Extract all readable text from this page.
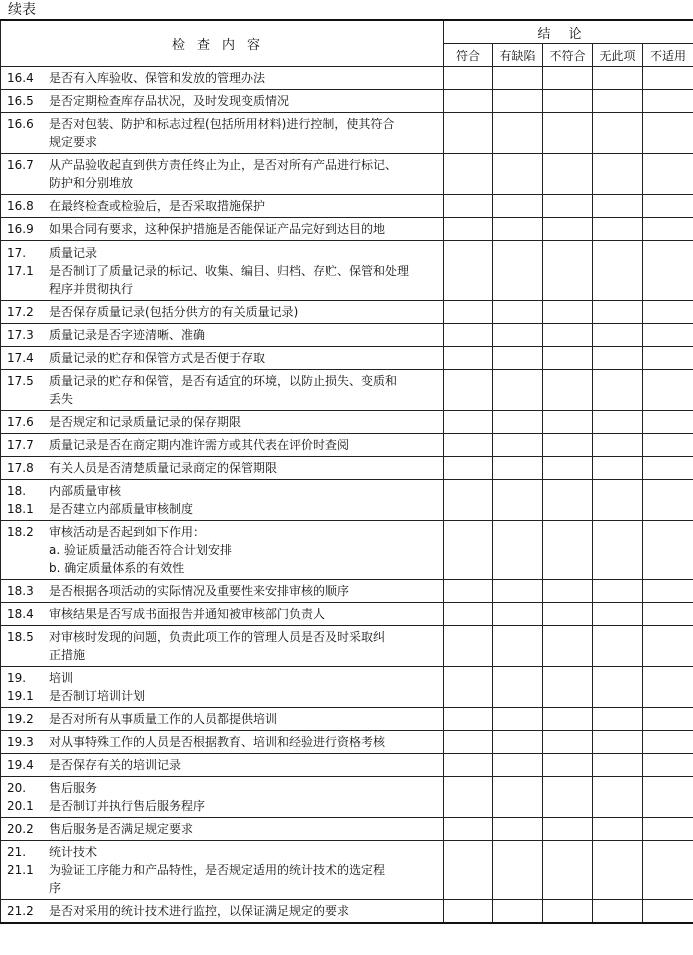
续表
检查内容	结论				
	符合	有缺陷	不符合	无此项	不适用

16.4 是否有入库验收、保管和发放的管理办法					

16.5 是否定期检查库存品状况，及时发现变质情况					

16.6 是否对包装、防护和标志过程(包括所用材料)进行控制，使其符合
规定要求					

16.7 从产品验收起直到供方责任终止为止，是否对所有产品进行标记、
防护和分别堆放					

16.8 在最终检查或检验后，是否采取措施保护					

16.9 如果合同有要求，这种保护措施是否能保证产品完好到达目的地					

17. 质量记录
17.1 是否制订了质量记录的标记、收集、编目、归档、存贮、保管和处理
程序并贯彻执行					

17.2 是否保存质量记录(包括分供方的有关质量记录)					

17.3 质量记录是否字迹清晰、准确					

17.4 质量记录的贮存和保管方式是否便于存取					

17.5 质量记录的贮存和保管，是否有适宜的环境，以防止损失、变质和
丢失					

17.6 是否规定和记录质量记录的保存期限					

17.7 质量记录是否在商定期内准许需方或其代表在评价时查阅					

17.8 有关人员是否清楚质量记录商定的保管期限					

18. 内部质量审核
18.1 是否建立内部质量审核制度					

18.2 审核活动是否起到如下作用：
a. 验证质量活动能否符合计划安排
b. 确定质量体系的有效性					

18.3 是否根据各项活动的实际情况及重要性来安排审核的顺序					

18.4 审核结果是否写成书面报告并通知被审核部门负责人					

18.5 对审核时发现的问题，负责此项工作的管理人员是否及时采取纠
正措施					

19. 培训
19.1 是否制订培训计划					

19.2 是否对所有从事质量工作的人员都提供培训					

19.3 对从事特殊工作的人员是否根据教育、培训和经验进行资格考核					

19.4 是否保存有关的培训记录					

20. 售后服务
20.1 是否制订并执行售后服务程序					

20.2 售后服务是否满足规定要求					

21. 统计技术
21.1 为验证工序能力和产品特性，是否规定适用的统计技术的选定程
序					

21.2 是否对采用的统计技术进行监控，以保证满足规定的要求					
